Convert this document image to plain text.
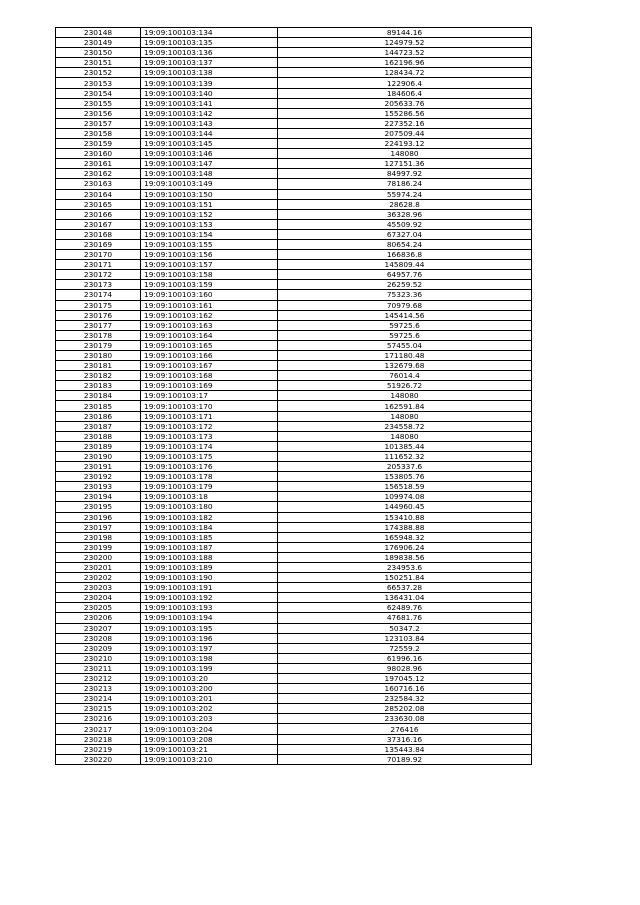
230148	19:09:100103:134	89144.16
230149	19:09:100103:135	124979.52
230150	19:09:100103:136	144723.52
230151	19:09:100103:137	162196.96
230152	19:09:100103:138	128434.72
230153	19:09:100103:139	122906.4
230154	19:09:100103:140	184606.4
230155	19:09:100103:141	205633.76
230156	19:09:100103:142	155286.56
230157	19:09:100103:143	227352.16
230158	19:09:100103:144	207509.44
230159	19:09:100103:145	224193.12
230160	19:09:100103:146	148080
230161	19:09:100103:147	127151.36
230162	19:09:100103:148	84997.92
230163	19:09:100103:149	78186.24
230164	19:09:100103:150	55974.24
230165	19:09:100103:151	28628.8
230166	19:09:100103:152	36328.96
230167	19:09:100103:153	45509.92
230168	19:09:100103:154	67327.04
230169	19:09:100103:155	80654.24
230170	19:09:100103:156	166836.8
230171	19:09:100103:157	145809.44
230172	19:09:100103:158	64957.76
230173	19:09:100103:159	26259.52
230174	19:09:100103:160	75323.36
230175	19:09:100103:161	70979.68
230176	19:09:100103:162	145414.56
230177	19:09:100103:163	59725.6
230178	19:09:100103:164	59725.6
230179	19:09:100103:165	57455.04
230180	19:09:100103:166	171180.48
230181	19:09:100103:167	132679.68
230182	19:09:100103:168	76014.4
230183	19:09:100103:169	51926.72
230184	19:09:100103:17	148080
230185	19:09:100103:170	162591.84
230186	19:09:100103:171	148080
230187	19:09:100103:172	234558.72
230188	19:09:100103:173	148080
230189	19:09:100103:174	101385.44
230190	19:09:100103:175	111652.32
230191	19:09:100103:176	205337.6
230192	19:09:100103:178	153805.76
230193	19:09:100103:179	156518.59
230194	19:09:100103:18	109974.08
230195	19:09:100103:180	144960.45
230196	19:09:100103:182	153410.88
230197	19:09:100103:184	174388.88
230198	19:09:100103:185	165948.32
230199	19:09:100103:187	176906.24
230200	19:09:100103:188	189838.56
230201	19:09:100103:189	234953.6
230202	19:09:100103:190	150251.84
230203	19:09:100103:191	66537.28
230204	19:09:100103:192	136431.04
230205	19:09:100103:193	62489.76
230206	19:09:100103:194	47681.76
230207	19:09:100103:195	50347.2
230208	19:09:100103:196	123103.84
230209	19:09:100103:197	72559.2
230210	19:09:100103:198	61996.16
230211	19:09:100103:199	98028.96
230212	19:09:100103:20	197045.12
230213	19:09:100103:200	160716.16
230214	19:09:100103:201	232584.32
230215	19:09:100103:202	285202.08
230216	19:09:100103:203	233630.08
230217	19:09:100103:204	276416
230218	19:09:100103:208	37316.16
230219	19:09:100103:21	135443.84
230220	19:09:100103:210	70189.92
